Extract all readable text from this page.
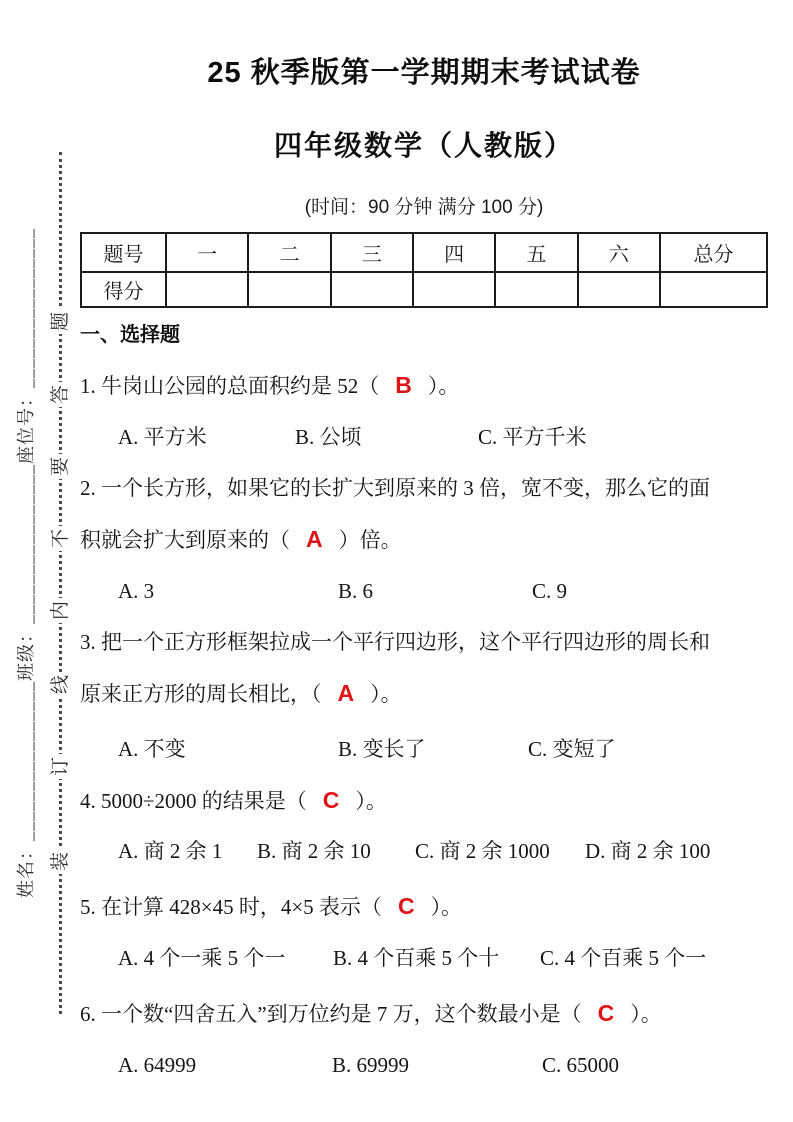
姓名：________________班级：________________座位号：________________ 题
答
要
不
内
线
订
装
25 秋季版第一学期期末考试试卷
四年级数学（人教版）
(时间：90 分钟 满分 100 分)
题号	一	二	三	四	五	六	总分
得分							
一、选择题

1. 牛岗山公园的总面积约是 52（ B ）。

A. 平方米	B. 公顷	C. 平方千米

2. 一个长方形，如果它的长扩大到原来的 3 倍，宽不变，那么它的面

积就会扩大到原来的（ A ）倍。

A. 3	B. 6	C. 9

3. 把一个正方形框架拉成一个平行四边形，这个平行四边形的周长和

原来正方形的周长相比，（ A ）。

A. 不变	B. 变长了	C. 变短了

4. 5000÷2000 的结果是（ C ）。

A. 商 2 余 1 B. 商 2 余 10 C. 商 2 余 1000 D. 商 2 余 100

5. 在计算 428×45 时，4×5 表示（ C ）。

A. 4 个一乘 5 个一 B. 4 个百乘 5 个十 C. 4 个百乘 5 个一

6. 一个数“四舍五入”到万位约是 7 万，这个数最小是（ C ）。

A. 64999	B. 69999	C. 65000
